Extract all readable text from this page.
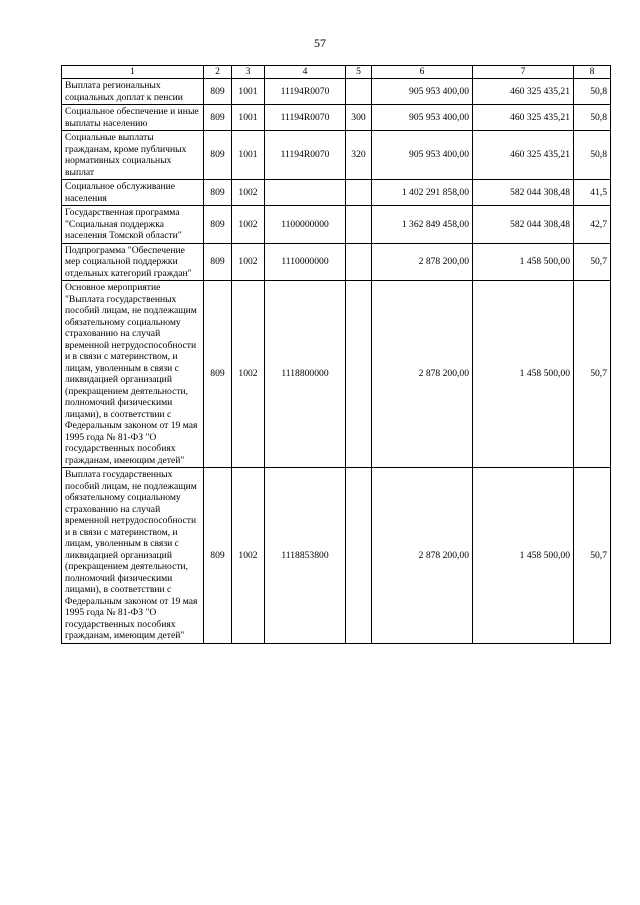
57
1	2	3	4	5	6	7	8
Выплата региональных социальных доплат к пенсии	809	1001	11194R0070		905 953 400,00	460 325 435,21	50,8
Социальное обеспечение и иные выплаты населению	809	1001	11194R0070	300	905 953 400,00	460 325 435,21	50,8
Социальные выплаты гражданам, кроме публичных нормативных социальных выплат	809	1001	11194R0070	320	905 953 400,00	460 325 435,21	50,8
Социальное обслуживание населения	809	1002			1 402 291 858,00	582 044 308,48	41,5
Государственная программа "Социальная поддержка населения Томской области"	809	1002	1100000000		1 362 849 458,00	582 044 308,48	42,7
Подпрограмма "Обеспечение мер социальной поддержки отдельных категорий граждан"	809	1002	1110000000		2 878 200,00	1 458 500,00	50,7
Основное мероприятие "Выплата государственных пособий лицам, не подлежащим обязательному социальному страхованию на случай временной нетрудоспособности и в связи с материнством, и лицам, уволенным в связи с ликвидацией организаций (прекращением деятельности, полномочий физическими лицами), в соответствии с Федеральным законом от 19 мая 1995 года № 81-ФЗ "О государственных пособиях гражданам, имеющим детей"	809	1002	1118800000		2 878 200,00	1 458 500,00	50,7
Выплата государственных пособий лицам, не подлежащим обязательному социальному страхованию на случай временной нетрудоспособности и в связи с материнством, и лицам, уволенным в связи с ликвидацией организаций (прекращением деятельности, полномочий физическими лицами), в соответствии с Федеральным законом от 19 мая 1995 года № 81-ФЗ "О государственных пособиях гражданам, имеющим детей"	809	1002	1118853800		2 878 200,00	1 458 500,00	50,7
